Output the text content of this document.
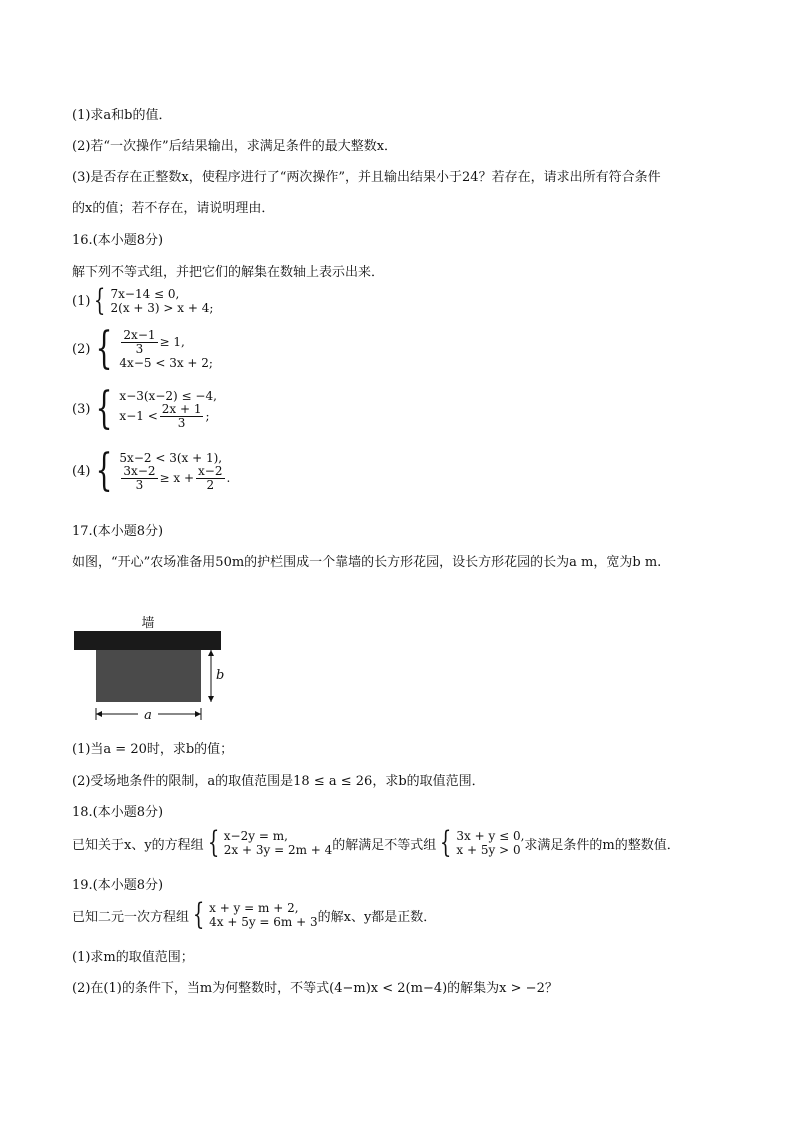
(1)求a和b的值．
(2)若“一次操作”后结果输出，求满足条件的最大整数x．
(3)是否存在正整数x，使程序进行了“两次操作”，并且输出结果小于24？若存在，请求出所有符合条件
的x的值；若不存在，请说明理由．
16.(本小题8分)
解下列不等式组，并把它们的解集在数轴上表示出来．
(1) { 7x−14 ≤ 0,
2(x + 3) > x + 4;
(2) { $\frac{2x-1}{3} \ge 1$,
4x−5 < 3x + 2;
(3) { x−3(x−2) ≤ −4,
$x-1 < \frac{2x + 1}{3}$ ;
(4) { 5x−2 < 3(x + 1),
$\frac{3x-2}{3} \ge x + \frac{x-2}{2}$ .
17.(本小题8分)
如图，“开心”农场准备用50m的护栏围成一个靠墙的长方形花园，设长方形花园的长为a m，宽为b m.
墙
b
a
(1)当a = 20时，求b的值；
(2)受场地条件的限制，a的取值范围是18 ≤ a ≤ 26，求b的取值范围．
18.(本小题8分)
已知关于x、y的方程组 { x−2y = m,
2x + 3y = 2m + 4 的解满足不等式组 { 3x + y ≤ 0,
x + 5y > 0 求满足条件的m的整数值．
19.(本小题8分)
已知二元一次方程组 { x + y = m + 2,
4x + 5y = 6m + 3 的解x、y都是正数．
(1)求m的取值范围；
(2)在(1)的条件下，当m为何整数时，不等式(4−m)x < 2(m−4)的解集为x > −2？
